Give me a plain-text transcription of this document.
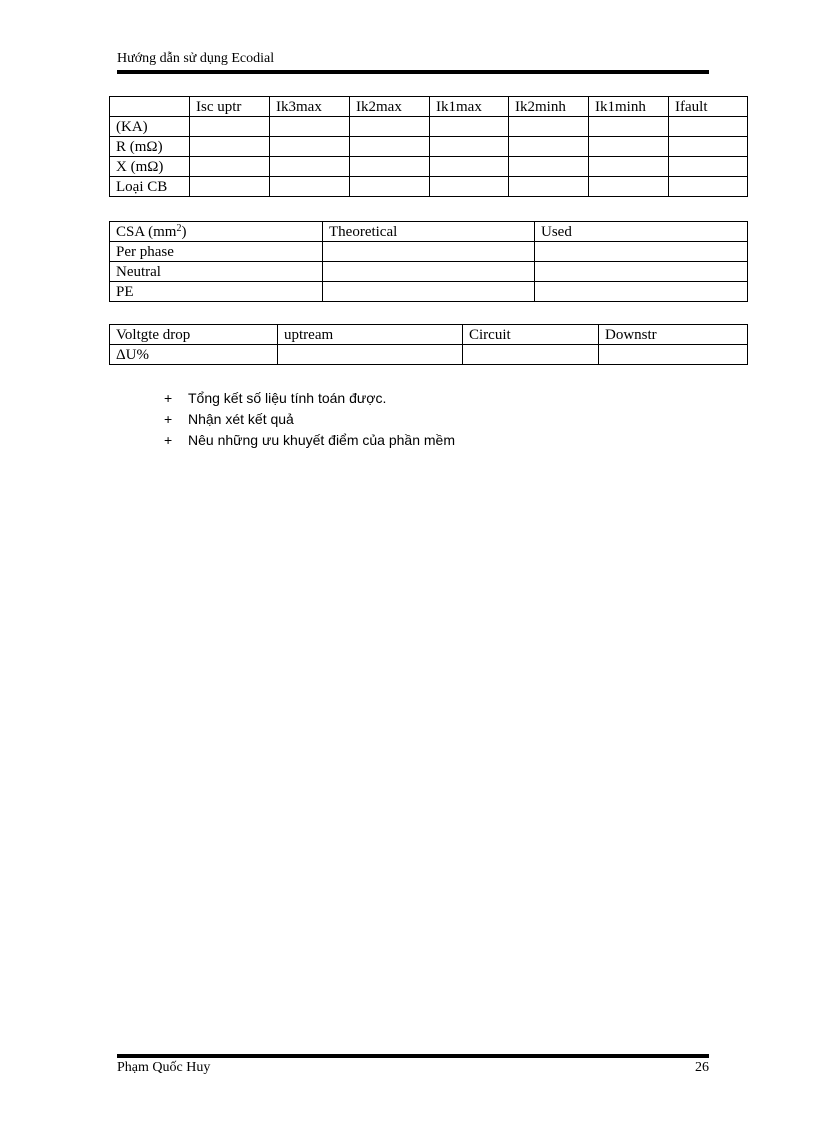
Hướng dẫn sử dụng Ecodial
	Isc uptr	Ik3max	Ik2max	Ik1max	Ik2minh	Ik1minh	Ifault
(KA)							
R (mΩ)							
X (mΩ)							
Loại CB							
CSA $(mm^2)$	Theoretical	Used
Per phase		
Neutral		
PE		
Voltgte drop	uptream	Circuit	Downstr
ΔU%			
+ Tổng kết số liệu tính toán được.
+ Nhận xét kết quả
+ Nêu những ưu khuyết điểm của phần mềm
Phạm Quốc Huy	26
